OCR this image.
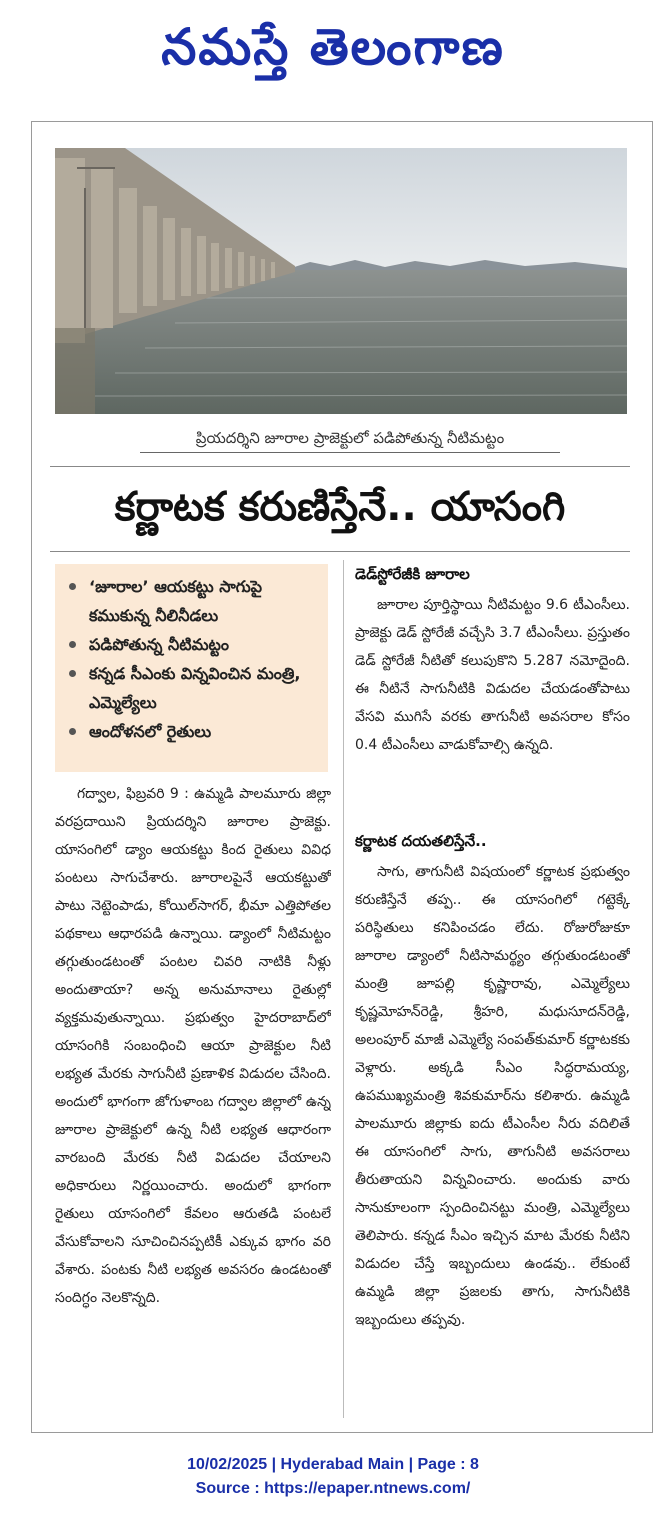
నమస్తే తెలంగాణ
ప్రియదర్శిని జూరాల ప్రాజెక్టులో పడిపోతున్న నీటిమట్టం
కర్ణాటక కరుణిస్తేనే.. యాసంగి
‘జూరాల’ ఆయకట్టు సాగుపై కముకున్న నీలినీడలు
పడిపోతున్న నీటిమట్టం
కన్నడ సీఎంకు విన్నవించిన మంత్రి, ఎమ్మెల్యేలు
ఆందోళనలో రైతులు

గద్వాల, ఫిబ్రవరి 9 : ఉమ్మడి పాలమూరు జిల్లా వరప్రదాయిని ప్రియదర్శిని జూరాల ప్రాజెక్టు. యాసంగిలో డ్యాం ఆయకట్టు కింద రైతులు వివిధ పంటలు సాగుచేశారు. జూరాలపైనే ఆయకట్టుతో పాటు నెట్టెంపాడు, కోయిల్‌సాగర్, భీమా ఎత్తిపోతల పథకాలు ఆధారపడి ఉన్నాయి. డ్యాంలో నీటిమట్టం తగ్గుతుండటంతో పంటల చివరి నాటికి నీళ్లు అందుతాయా? అన్న అనుమానాలు రైతుల్లో వ్యక్తమవుతున్నాయి. ప్రభుత్వం హైదరాబాద్‌లో యాసంగికి సంబంధించి ఆయా ప్రాజెక్టుల నీటి లభ్యత మేరకు సాగునీటి ప్రణాళిక విడుదల చేసింది. అందులో భాగంగా జోగుళాంబ గద్వాల జిల్లాలో ఉన్న జూరాల ప్రాజెక్టులో ఉన్న నీటి లభ్యత ఆధారంగా వారబంది మేరకు నీటి విడుదల చేయాలని అధికారులు నిర్ణయించారు. అందులో భాగంగా రైతులు యాసంగిలో కేవలం ఆరుతడి పంటలే వేసుకోవాలని సూచించినప్పటికీ ఎక్కువ భాగం వరి వేశారు. పంటకు నీటి లభ్యత అవసరం ఉండటంతో సందిగ్ధం నెలకొన్నది.

డెడ్‌స్టోరేజీకి జూరాల

జూరాల పూర్తిస్థాయి నీటిమట్టం 9.6 టీఎంసీలు. ప్రాజెక్టు డెడ్ స్టోరేజీ వచ్చేసి 3.7 టీఎంసీలు. ప్రస్తుతం డెడ్ స్టోరేజీ నీటితో కలుపుకొని 5.287 నమోదైంది. ఈ నీటినే సాగునీటికి విడుదల చేయడంతోపాటు వేసవి ముగిసే వరకు తాగునీటి అవసరాల కోసం 0.4 టీఎంసీలు వాడుకోవాల్సి ఉన్నది.

కర్ణాటక దయతలిస్తేనే..

సాగు, తాగునీటి విషయంలో కర్ణాటక ప్రభుత్వం కరుణిస్తేనే తప్ప.. ఈ యాసంగిలో గట్టెక్కే పరిస్థితులు కనిపించడం లేదు. రోజురోజుకూ జూరాల డ్యాంలో నీటిసామర్థ్యం తగ్గుతుండటంతో మంత్రి జూపల్లి కృష్ణారావు, ఎమ్మెల్యేలు కృష్ణమోహన్‌రెడ్డి, శ్రీహరి, మధుసూదన్‌రెడ్డి, అలంపూర్ మాజీ ఎమ్మెల్యే సంపత్‌కుమార్ కర్ణాటకకు వెళ్లారు. అక్కడి సీఎం సిద్ధరామయ్య, ఉపముఖ్యమంత్రి శివకుమార్‌ను కలిశారు. ఉమ్మడి పాలమూరు జిల్లాకు ఐదు టీఎంసీల నీరు వదిలితే ఈ యాసంగిలో సాగు, తాగునీటి అవసరాలు తీరుతాయని విన్నవించారు. అందుకు వారు సానుకూలంగా స్పందించినట్టు మంత్రి, ఎమ్మెల్యేలు తెలిపారు. కన్నడ సీఎం ఇచ్చిన మాట మేరకు నీటిని విడుదల చేస్తే ఇబ్బందులు ఉండవు.. లేకుంటే ఉమ్మడి జిల్లా ప్రజలకు తాగు, సాగునీటికి ఇబ్బందులు తప్పవు.

10/02/2025 | Hyderabad Main | Page : 8
Source : https://epaper.ntnews.com/
